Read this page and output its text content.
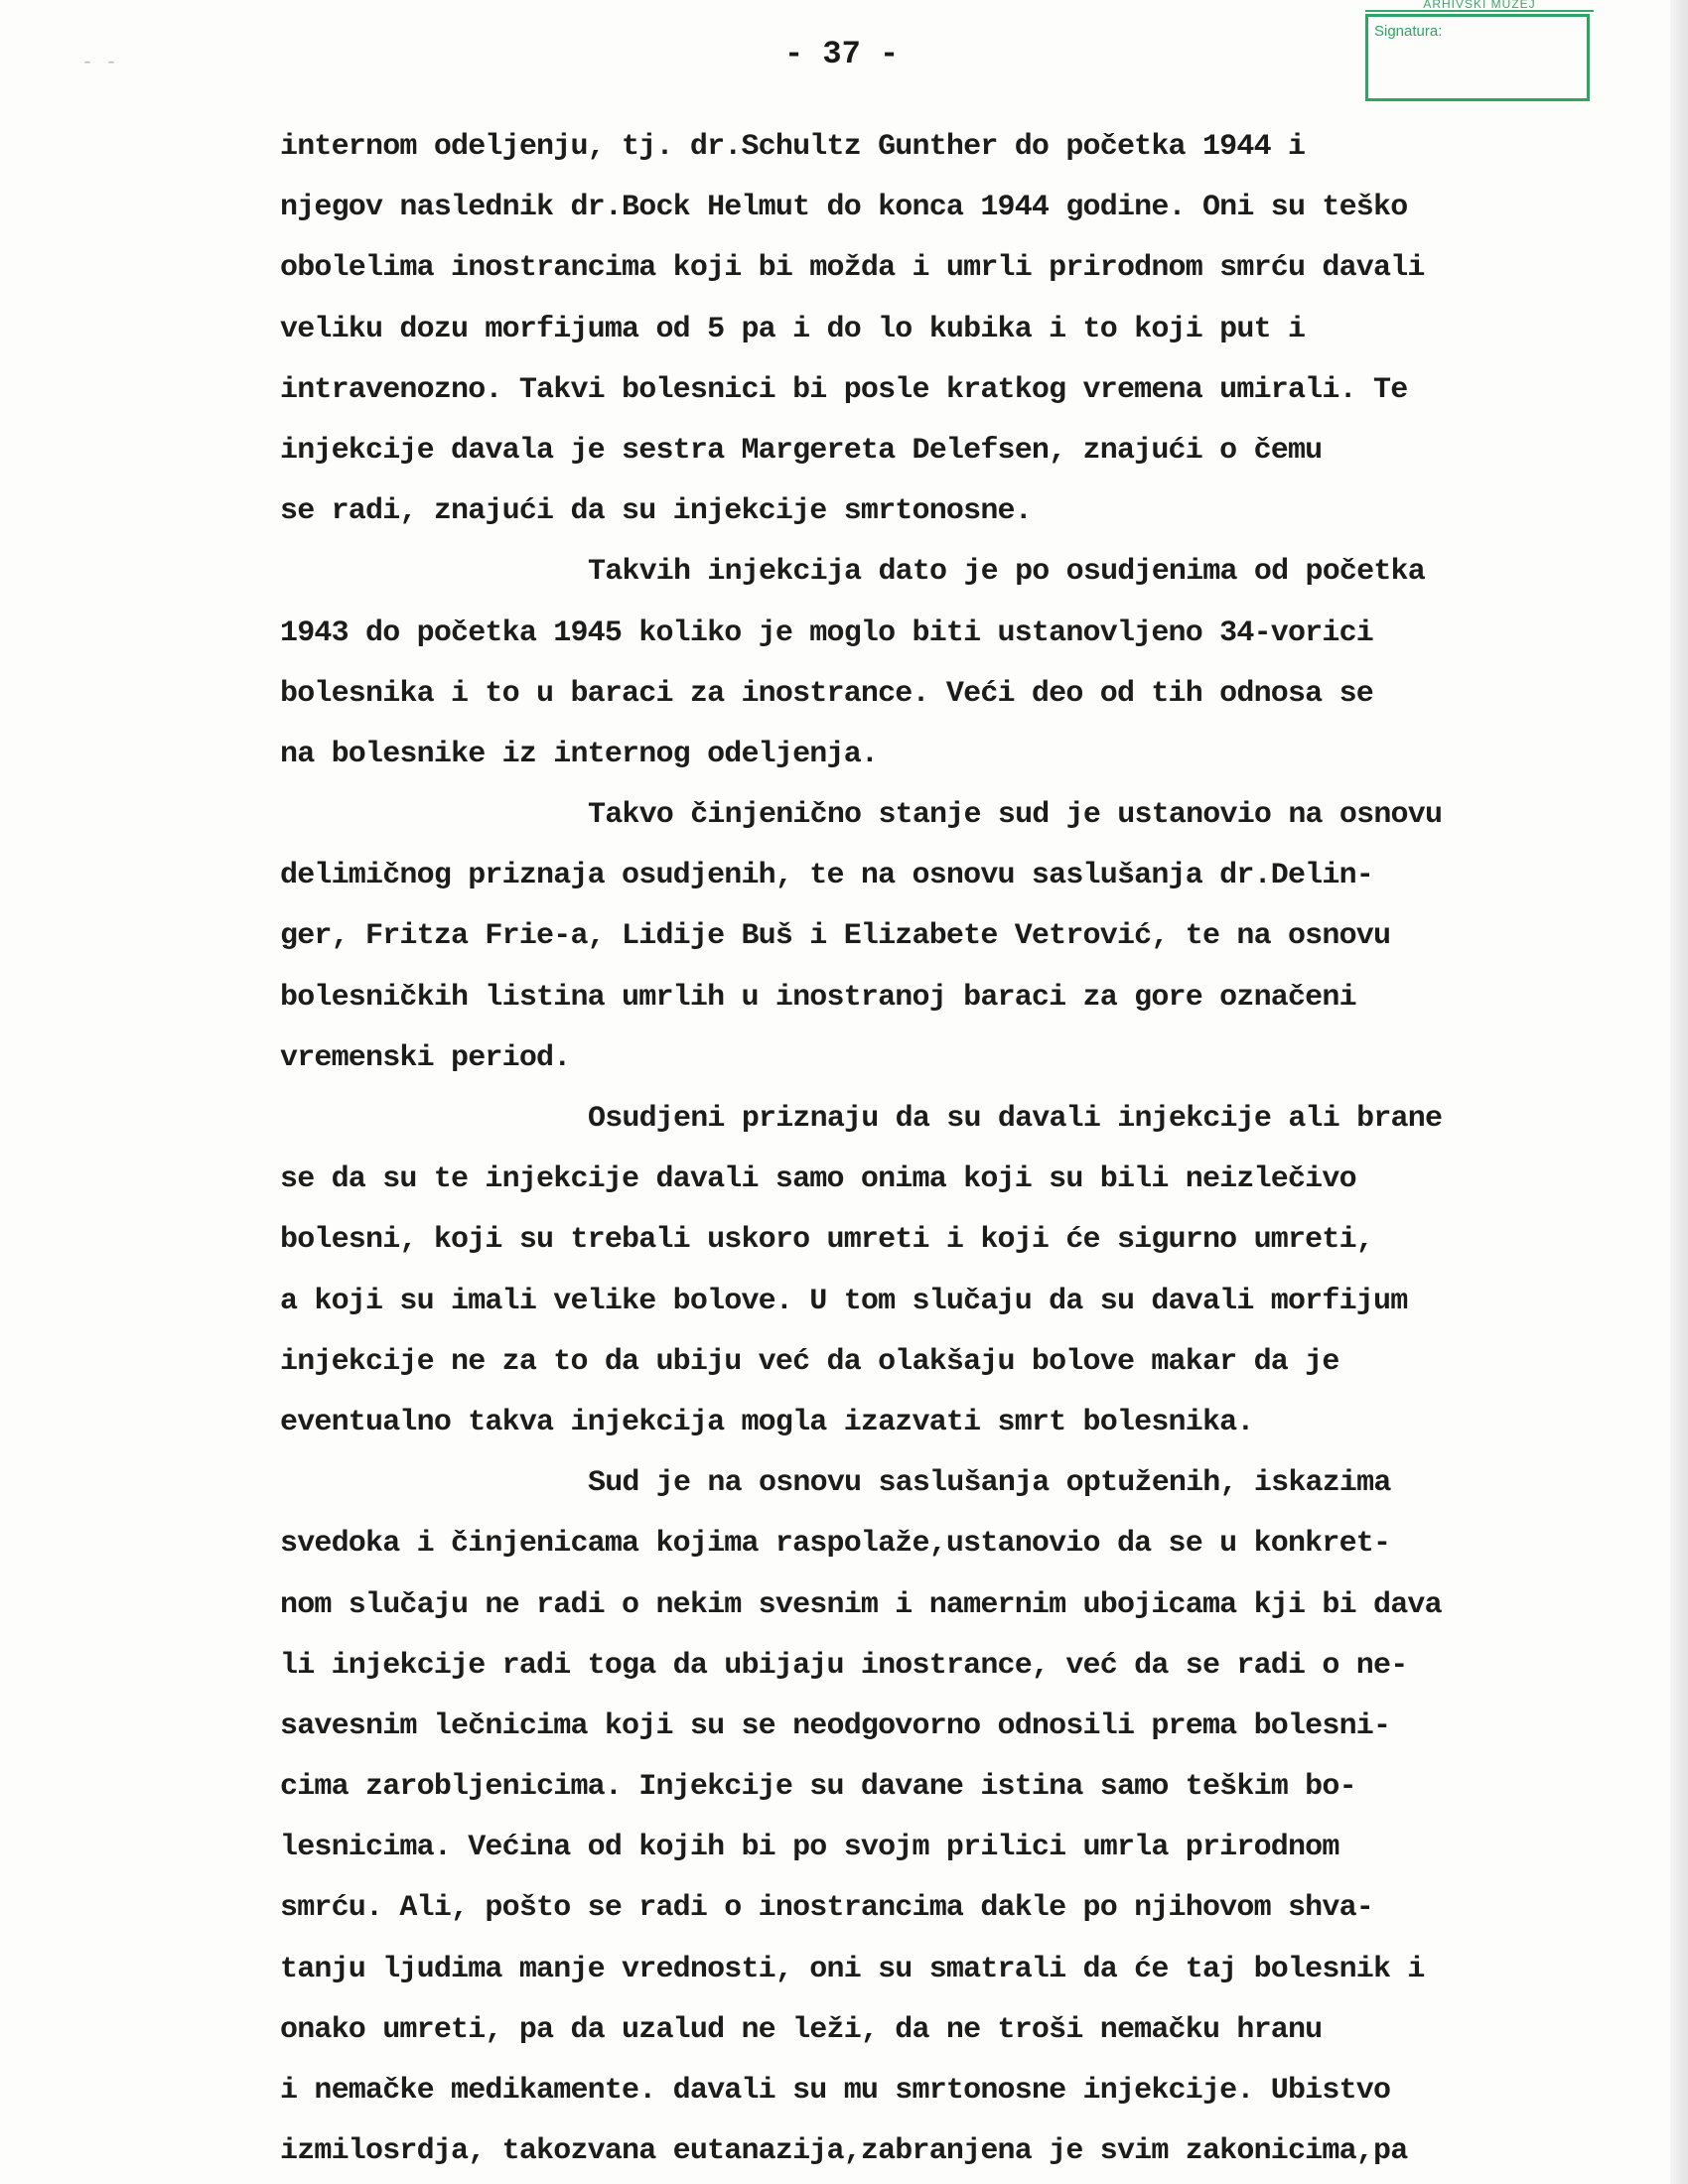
ARHIVSKI MUZEJ
Signatura:
- -	- 37 -
internom odeljenju, tj. dr.Schultz Gunther do početka 1944 i
njegov naslednik dr.Bock Helmut do konca 1944 godine. Oni su teško
obolelima inostrancima koji bi možda i umrli prirodnom smrću davali
veliku dozu morfijuma od 5 pa i do lo kubika i to koji put i
intravenozno. Takvi bolesnici bi posle kratkog vremena umirali. Te
injekcije davala je sestra Margereta Delefsen, znajući o čemu
se radi, znajući da su injekcije smrtonosne.
Takvih injekcija dato je po osudjenima od početka
1943 do početka 1945 koliko je moglo biti ustanovljeno 34-vorici
bolesnika i to u baraci za inostrance. Veći deo od tih odnosa se
na bolesnike iz internog odeljenja.
Takvo činjenično stanje sud je ustanovio na osnovu
delimičnog priznaja osudjenih, te na osnovu saslušanja dr.Delin-
ger, Fritza Frie-a, Lidije Buš i Elizabete Vetrović, te na osnovu
bolesničkih listina umrlih u inostranoj baraci za gore označeni
vremenski period.
Osudjeni priznaju da su davali injekcije ali brane
se da su te injekcije davali samo onima koji su bili neizlečivo
bolesni, koji su trebali uskoro umreti i koji će sigurno umreti,
a koji su imali velike bolove. U tom slučaju da su davali morfijum
injekcije ne za to da ubiju već da olakšaju bolove makar da je
eventualno takva injekcija mogla izazvati smrt bolesnika.
Sud je na osnovu saslušanja optuženih, iskazima
svedoka i činjenicama kojima raspolaže,ustanovio da se u konkret-
nom slučaju ne radi o nekim svesnim i namernim ubojicama kji bi dava
li injekcije radi toga da ubijaju inostrance, već da se radi o ne-
savesnim lečnicima koji su se neodgovorno odnosili prema bolesni-
cima zarobljenicima. Injekcije su davane istina samo teškim bo-
lesnicima. Većina od kojih bi po svojm prilici umrla prirodnom
smrću. Ali, pošto se radi o inostrancima dakle po njihovom shva-
tanju ljudima manje vrednosti, oni su smatrali da će taj bolesnik i
onako umreti, pa da uzalud ne leži, da ne troši nemačku hranu
i nemačke medikamente. davali su mu smrtonosne injekcije. Ubistvo
izmilosrdja, takozvana eutanazija,zabranjena je svim zakonicima,pa
